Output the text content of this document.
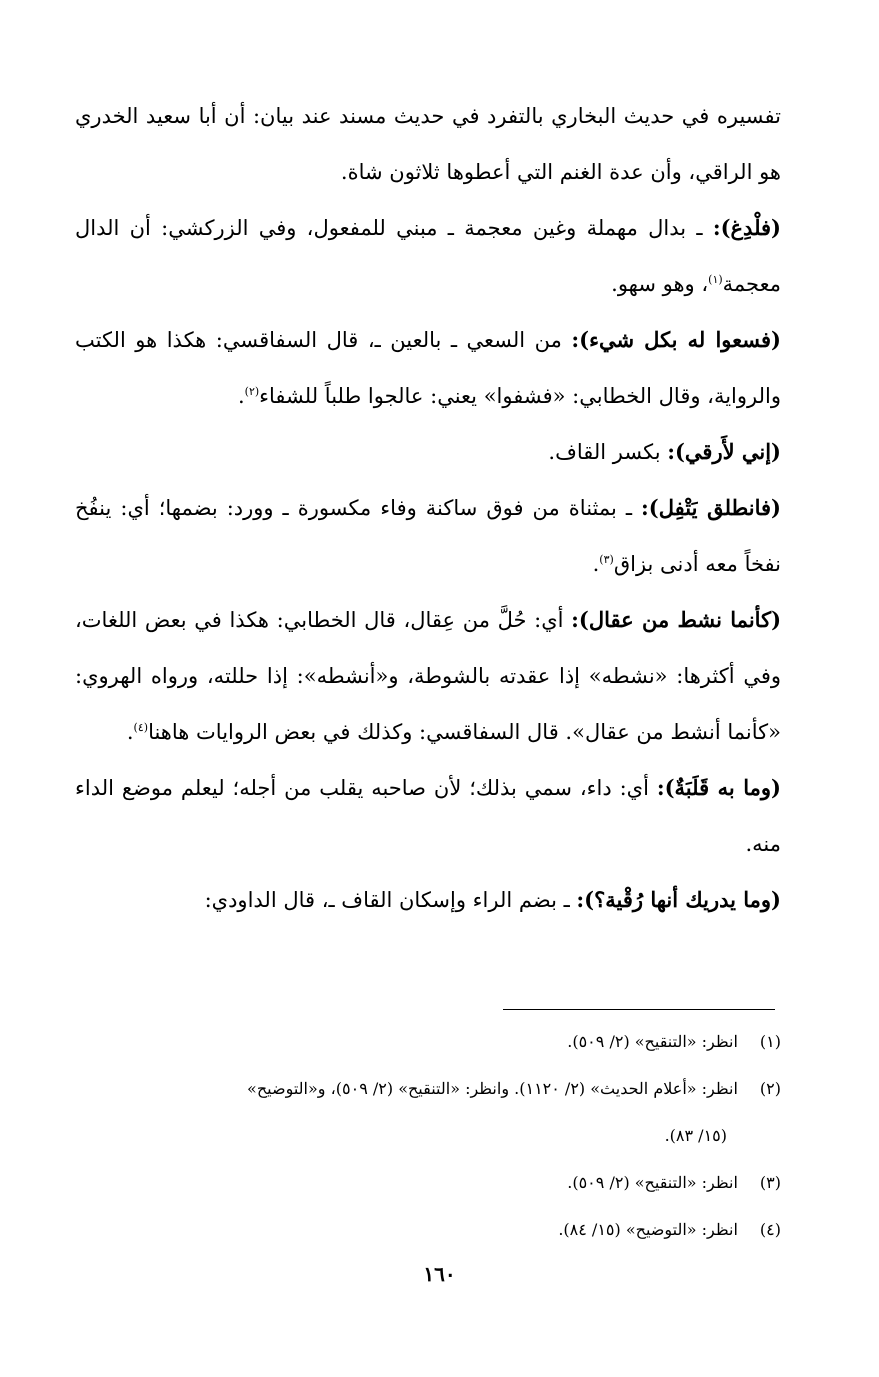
تفسيره في حديث البخاري بالتفرد في حديث مسند عند بيان: أن أبا سعيد الخدري هو الراقي، وأن عدة الغنم التي أعطوها ثلاثون شاة.

(فلْدِغ): ـ بدال مهملة وغين معجمة ـ مبني للمفعول، وفي الزركشي: أن الدال معجمة$^{(١)}$، وهو سهو.

(فسعوا له بكل شيء): من السعي ـ بالعين ـ، قال السفاقسي: هكذا هو الكتب والرواية، وقال الخطابي: «فشفوا» يعني: عالجوا طلباً للشفاء$^{(٢)}$.

(إني لأَرقي): بكسر القاف.

(فانطلق يَتْفِل): ـ بمثناة من فوق ساكنة وفاء مكسورة ـ وورد: بضمها؛ أي: ينفُخ نفخاً معه أدنى بزاق$^{(٣)}$.

(كأنما نشط من عقال): أي: حُلَّ من عِقال، قال الخطابي: هكذا في بعض اللغات، وفي أكثرها: «نشطه» إذا عقدته بالشوطة، و«أنشطه»: إذا حللته، ورواه الهروي: «كأنما أنشط من عقال». قال السفاقسي: وكذلك في بعض الروايات هاهنا$^{(٤)}$.

(وما به قَلَبَةٌ): أي: داء، سمي بذلك؛ لأن صاحبه يقلب من أجله؛ ليعلم موضع الداء منه.

(وما يدريك أنها رُقْية؟): ـ بضم الراء وإسكان القاف ـ، قال الداودي:

(١) انظر: «التنقيح» (٢/ ٥٠٩).

(٢) انظر: «أعلام الحديث» (٢/ ١١٢٠). وانظر: «التنقيح» (٢/ ٥٠٩)، و«التوضيح»
(١٥/ ٨٣).

(٣) انظر: «التنقيح» (٢/ ٥٠٩).

(٤) انظر: «التوضيح» (١٥/ ٨٤).

١٦٠
